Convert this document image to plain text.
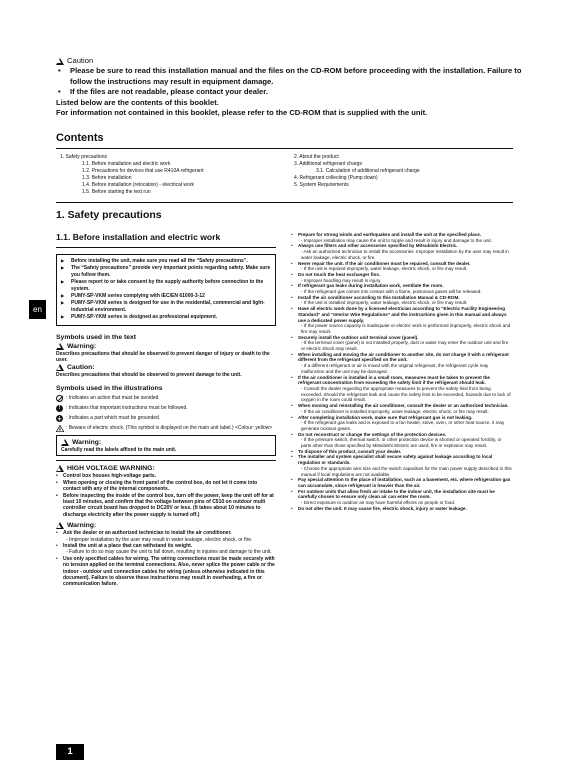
Caution
• Please be sure to read this installation manual and the files on the CD-ROM before proceeding with the installation. Failure to follow the instructions may result in equipment damage.
• If the files are not readable, please contact your dealer.
Listed below are the contents of this booklet.
For information not contained in this booklet, please refer to the CD-ROM that is supplied with the unit.
Contents
1. Safety precautions
1.1. Before installation and electric work
1.2. Precautions for devices that use R410A refrigerant
1.3. Before installation
1.4. Before installation (relocation) - electrical work
1.5. Before starting the test run
2. About the product
3. Additional refrigerant charge
3.1. Calculation of additional refrigerant charge
4. Refrigerant collecting (Pump down)
5. System Requirements
1. Safety precautions
en
1.1. Before installation and electric work
▶ Before installing the unit, make sure you read all the “Safety precautions”.
▶ The “Safety precautions” provide very important points regarding safety. Make sure you follow them.
▶ Please report to or take consent by the supply authority before connection to the system.
▶ PUMY-SP-VKM series complying with IEC/EN 61000-3-12
▶ PUMY-SP-VKM series is designed for use in the residential, commercial and light-industrial environment.
▶ PUMY-SP-YKM series is designed as professional equipment.
Symbols used in the text
Warning:
Describes precautions that should be observed to prevent danger of injury or death to the user.
Caution:
Describes precautions that should be observed to prevent damage to the unit.
Symbols used in the illustrations
: Indicates an action that must be avoided.
!	: Indicates that important instructions must be followed.
: Indicates a part which must be grounded.
: Beware of electric shock. (This symbol is displayed on the main unit label.) <Colour: yellow>
Warning:
Carefully read the labels affixed to the main unit.
HIGH VOLTAGE WARNING:
• Control box houses high-voltage parts.
• When opening or closing the front panel of the control box, do not let it come into contact with any of the internal components.
• Before inspecting the inside of the control box, turn off the power, keep the unit off for at least 10 minutes, and confirm that the voltage between pins of C510 on outdoor multi controller circuit board has dropped to DC20V or less. (It takes about 10 minutes to discharge electricity after the power supply is turned off.)
Warning:
• Ask the dealer or an authorized technician to install the air conditioner.
- Improper installation by the user may result in water leakage, electric shock, or fire.
• Install the unit at a place that can withstand its weight.
- Failure to do so may cause the unit to fall down, resulting in injuries and damage to the unit.
• Use only specified cables for wiring. The wiring connections must be made securely with no tension applied on the terminal connections. Also, never splice the power cable or the indoor - outdoor unit connection cables for wiring (unless otherwise indicated in this document). Failure to observe these instructions may result in overheating, a fire or communication failure.
• Prepare for strong winds and earthquakes and install the unit at the specified place.
- Improper installation may cause the unit to topple and result in injury and damage to the unit.
• Always use filters and other accessories specified by Mitsubishi Electric.
- Ask an authorized technician to install the accessories. Improper installation by the user may result in water leakage, electric shock, or fire.
• Never repair the unit. If the air conditioner must be repaired, consult the dealer.
- If the unit is repaired improperly, water leakage, electric shock, or fire may result.
• Do not touch the heat exchanger fins.
- Improper handling may result in injury.
• If refrigerant gas leaks during installation work, ventilate the room.
- If the refrigerant gas comes into contact with a flame, poisonous gases will be released.
• Install the air conditioner according to this Installation Manual & CD-ROM.
- If the unit is installed improperly, water leakage, electric shock, or fire may result.
• Have all electric work done by a licensed electrician according to “Electric Facility Engineering Standard” and “Interior Wire Regulations” and the instructions given in this manual and always use a dedicated power supply.
- If the power source capacity is inadequate or electric work is performed improperly, electric shock and fire may result.
• Securely install the outdoor unit terminal cover (panel).
- If the terminal cover (panel) is not installed properly, dust or water may enter the outdoor unit and fire or electric shock may result.
• When installing and moving the air conditioner to another site, do not charge it with a refrigerant different from the refrigerant specified on the unit.
- If a different refrigerant or air is mixed with the original refrigerant, the refrigerant cycle may malfunction and the unit may be damaged.
• If the air conditioner is installed in a small room, measures must be taken to prevent the refrigerant concentration from exceeding the safety limit if the refrigerant should leak.
- Consult the dealer regarding the appropriate measures to prevent the safety limit from being exceeded. Should the refrigerant leak and cause the safety limit to be exceeded, hazards due to lack of oxygen in the room could result.
• When moving and reinstalling the air conditioner, consult the dealer or an authorized technician.
- If the air conditioner is installed improperly, water leakage, electric shock, or fire may result.
• After completing installation work, make sure that refrigerant gas is not leaking.
- If the refrigerant gas leaks and is exposed to a fan heater, stove, oven, or other heat source, it may generate noxious gases.
• Do not reconstruct or change the settings of the protection devices.
- If the pressure switch, thermal switch, or other protection device is shorted or operated forcibly, or parts other than those specified by Mitsubishi Electric are used, fire or explosion may result.
• To dispose of this product, consult your dealer.
• The installer and system specialist shall secure safety against leakage according to local regulation or standards.
- Choose the appropriate wire size and the switch capacities for the main power supply described in this manual if local regulations are not available.
• Pay special attention to the place of installation, such as a basement, etc. where refrigeration gas can accumulate, since refrigerant is heavier than the air.
• For outdoor units that allow fresh air intake to the indoor unit, the installation site must be carefully chosen to ensure only clean air can enter the room.
- Direct exposure to outdoor air may have harmful effects on people or food.
• Do not alter the unit. It may cause fire, electric shock, injury or water leakage.
1
